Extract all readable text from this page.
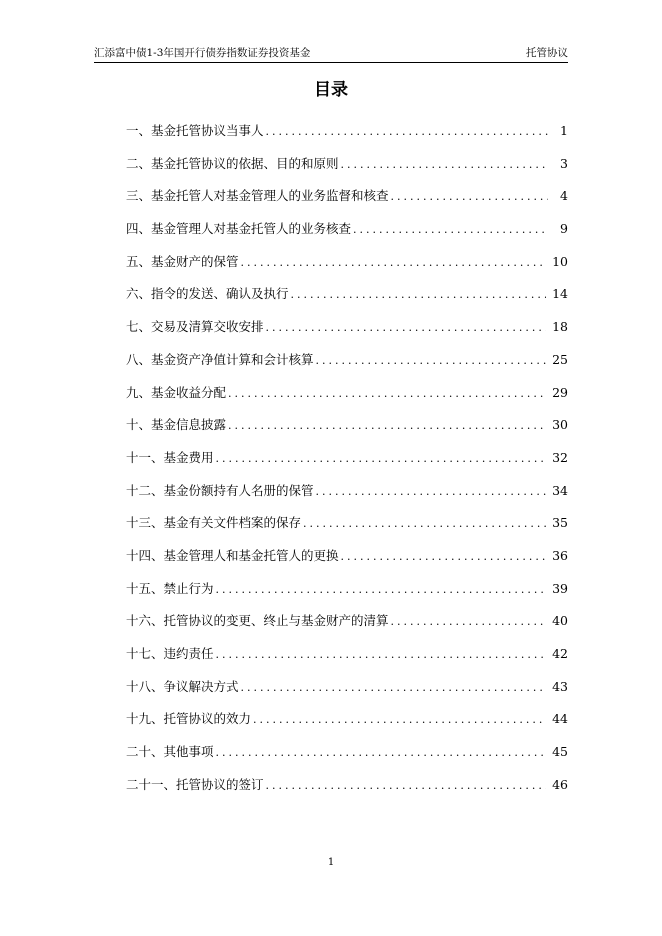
汇添富中债1-3年国开行债券指数证券投资基金	托管协议
目录
一、基金托管协议当事人 .....	1
二、基金托管协议的依据、目的和原则 .....	3
三、基金托管人对基金管理人的业务监督和核查 .....	4
四、基金管理人对基金托管人的业务核查 .....	9
五、基金财产的保管 .....	10
六、指令的发送、确认及执行 .....	14
七、交易及清算交收安排 .....	18
八、基金资产净值计算和会计核算 .....	25
九、基金收益分配 .....	29
十、基金信息披露 .....	30
十一、基金费用 .....	32
十二、基金份额持有人名册的保管 .....	34
十三、基金有关文件档案的保存 .....	35
十四、基金管理人和基金托管人的更换 .....	36
十五、禁止行为 .....	39
十六、托管协议的变更、终止与基金财产的清算 .....	40
十七、违约责任 .....	42
十八、争议解决方式 .....	43
十九、托管协议的效力 .....	44
二十、其他事项 .....	45
二十一、托管协议的签订 .....	46
1
